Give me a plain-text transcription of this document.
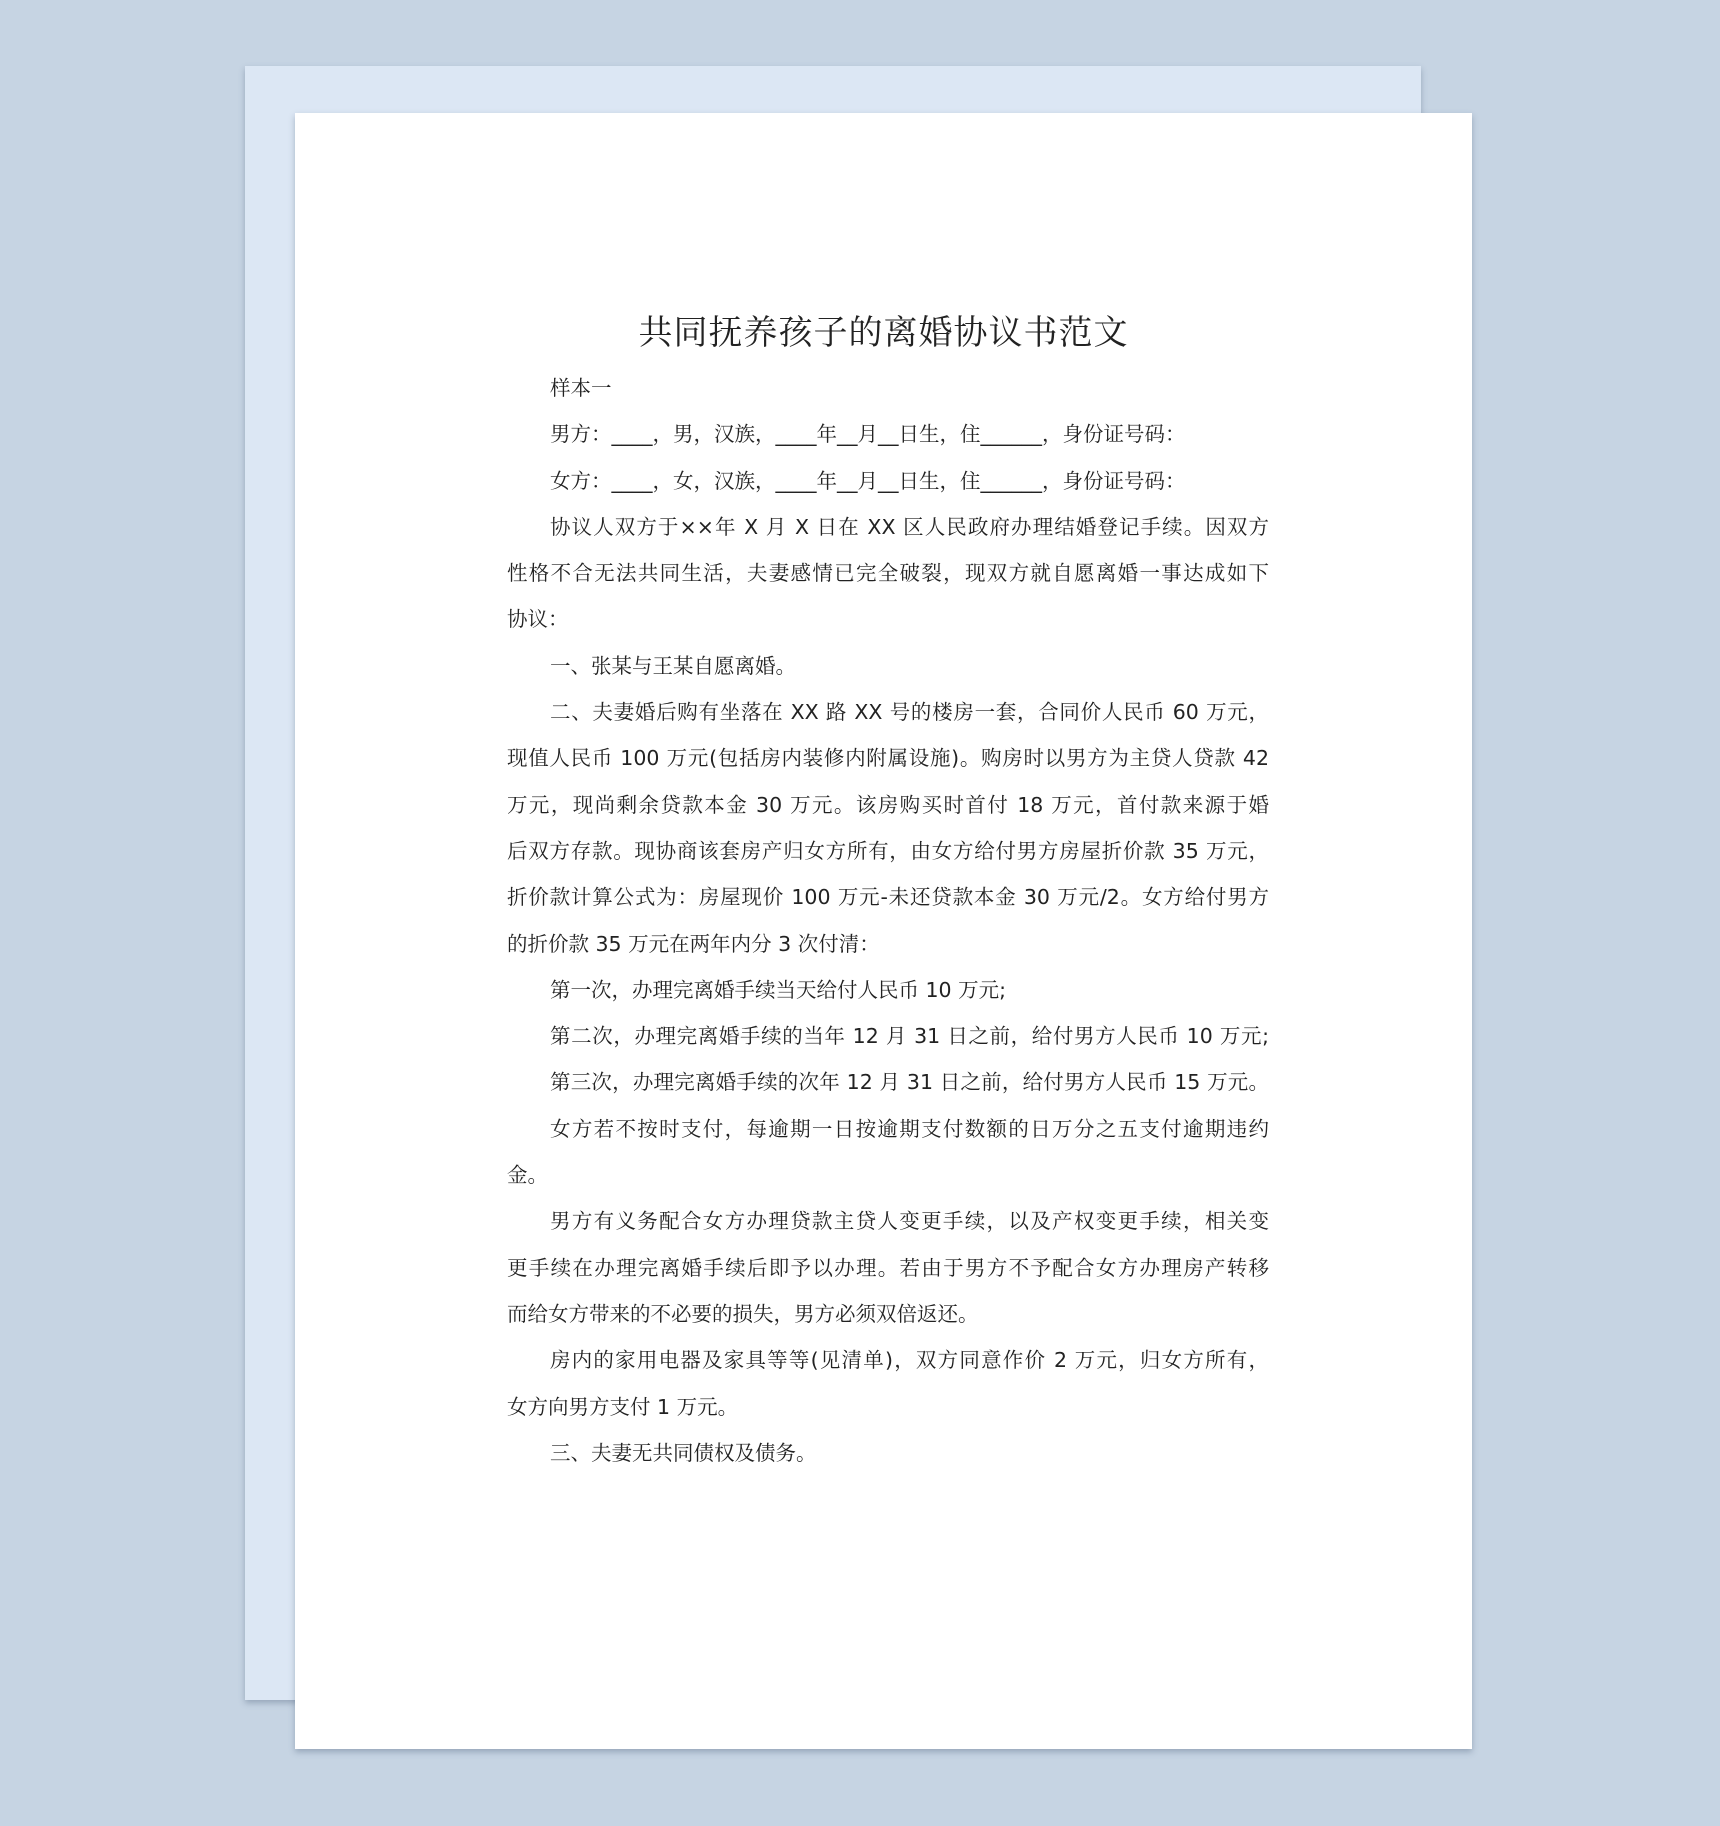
共同抚养孩子的离婚协议书范文
样本一
男方：____，男，汉族，____年__月__日生，住______，身份证号码：
女方：____，女，汉族，____年__月__日生，住______，身份证号码：
协议人双方于××年 X 月 X 日在 XX 区人民政府办理结婚登记手续。因双方
性格不合无法共同生活，夫妻感情已完全破裂，现双方就自愿离婚一事达成如下
协议：
一、张某与王某自愿离婚。
二、夫妻婚后购有坐落在 XX 路 XX 号的楼房一套，合同价人民币 60 万元，
现值人民币 100 万元(包括房内装修内附属设施)。购房时以男方为主贷人贷款 42
万元，现尚剩余贷款本金 30 万元。该房购买时首付 18 万元，首付款来源于婚
后双方存款。现协商该套房产归女方所有，由女方给付男方房屋折价款 35 万元，
折价款计算公式为：房屋现价 100 万元-未还贷款本金 30 万元/2。女方给付男方
的折价款 35 万元在两年内分 3 次付清：
第一次，办理完离婚手续当天给付人民币 10 万元;
第二次，办理完离婚手续的当年 12 月 31 日之前，给付男方人民币 10 万元;
第三次，办理完离婚手续的次年 12 月 31 日之前，给付男方人民币 15 万元。
女方若不按时支付，每逾期一日按逾期支付数额的日万分之五支付逾期违约
金。
男方有义务配合女方办理贷款主贷人变更手续，以及产权变更手续，相关变
更手续在办理完离婚手续后即予以办理。若由于男方不予配合女方办理房产转移
而给女方带来的不必要的损失，男方必须双倍返还。
房内的家用电器及家具等等(见清单)，双方同意作价 2 万元，归女方所有，
女方向男方支付 1 万元。
三、夫妻无共同债权及债务。
